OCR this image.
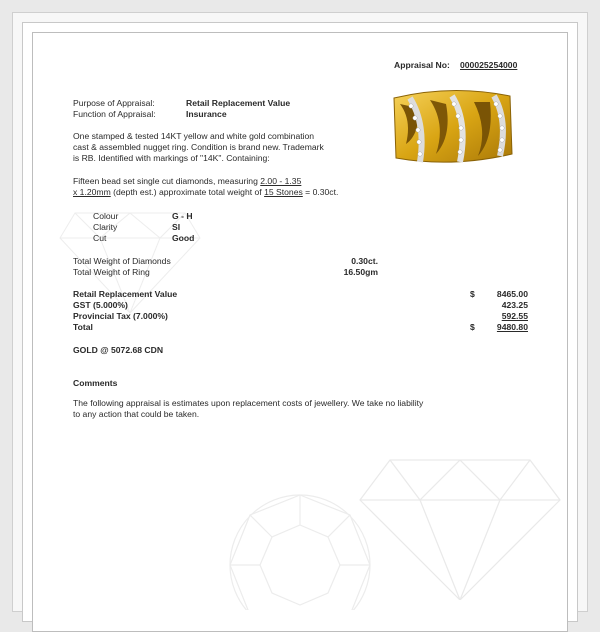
Appraisal No: 000025254000
Purpose of Appraisal:	Retail Replacement Value
Function of Appraisal:	Insurance
One stamped & tested 14KT yellow and white gold combination
cast & assembled nugget ring. Condition is brand new. Trademark
is RB. Identified with markings of "14K". Containing:
Fifteen bead set single cut diamonds, measuring 2.00 - 1.35
x 1.20mm (depth est.) approximate total weight of 15 Stones = 0.30ct.
Colour	G - H
Clarity	SI
Cut	Good
Total Weight of Diamonds	0.30ct.
Total Weight of Ring	16.50gm
Retail Replacement Value	$	8465.00
GST (5.000%)	423.25
Provincial Tax (7.000%)	592.55
Total	$	9480.80
GOLD @ 5072.68 CDN
Comments
The following appraisal is estimates upon replacement costs of jewellery. We take no liability
to any action that could be taken.
